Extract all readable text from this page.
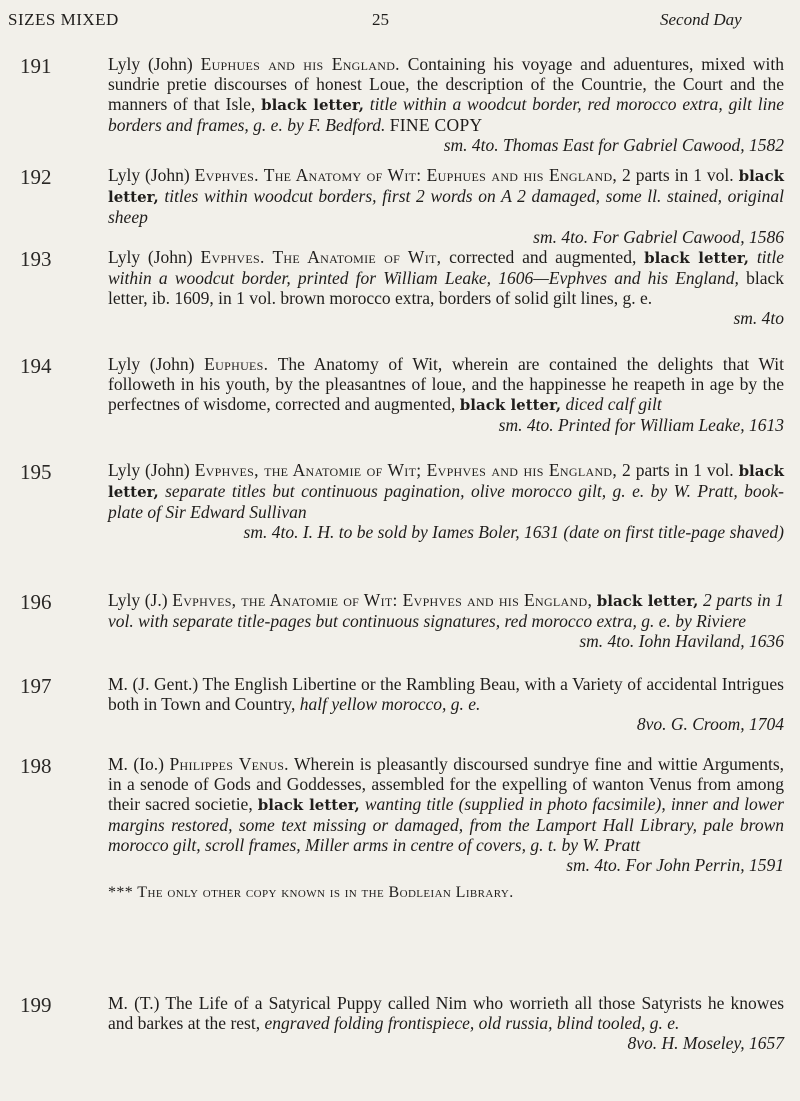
SIZES MIXED	25	Second Day
191	Lyly (John) Euphues and his England. Containing his voyage and aduentures, mixed with sundrie pretie discourses of honest Loue, the description of the Countrie, the Court and the manners of that Isle, black letter, title within a woodcut border, red morocco extra, gilt line borders and frames, g. e. by F. Bedford. FINE COPY

sm. 4to. Thomas East for Gabriel Cawood, 1582

192	Lyly (John) Evphves. The Anatomy of Wit: Euphues and his England, 2 parts in 1 vol. black letter, titles within woodcut borders, first 2 words on A 2 damaged, some ll. stained, original sheep

sm. 4to. For Gabriel Cawood, 1586

193	Lyly (John) Evphves. The Anatomie of Wit, corrected and augmented, black letter, title within a woodcut border, printed for William Leake, 1606—Evphves and his England, black letter, ib. 1609, in 1 vol. brown morocco extra, borders of solid gilt lines, g. e.

sm. 4to

194	Lyly (John) Euphues. The Anatomy of Wit, wherein are contained the delights that Wit followeth in his youth, by the pleasantnes of loue, and the happinesse he reapeth in age by the perfectnes of wisdome, corrected and augmented, black letter, diced calf gilt

sm. 4to. Printed for William Leake, 1613

195	Lyly (John) Evphves, the Anatomie of Wit; Evphves and his England, 2 parts in 1 vol. black letter, separate titles but continuous pagination, olive morocco gilt, g. e. by W. Pratt, book-plate of Sir Edward Sullivan

sm. 4to. I. H. to be sold by Iames Boler, 1631 (date on first title-page shaved)

196	Lyly (J.) Evphves, the Anatomie of Wit: Evphves and his England, black letter, 2 parts in 1 vol. with separate title-pages but continuous signatures, red morocco extra, g. e. by Riviere

sm. 4to. Iohn Haviland, 1636

197	M. (J. Gent.) The English Libertine or the Rambling Beau, with a Variety of accidental Intrigues both in Town and Country, half yellow morocco, g. e.

8vo. G. Croom, 1704

198	M. (Io.) Philippes Venus. Wherein is pleasantly discoursed sundrye fine and wittie Arguments, in a senode of Gods and Goddesses, assembled for the expelling of wanton Venus from among their sacred societie, black letter, wanting title (supplied in photo facsimile), inner and lower margins restored, some text missing or damaged, from the Lamport Hall Library, pale brown morocco gilt, scroll frames, Miller arms in centre of covers, g. t. by W. Pratt

sm. 4to. For John Perrin, 1591

*** The only other copy known is in the Bodleian Library.

199	M. (T.) The Life of a Satyrical Puppy called Nim who worrieth all those Satyrists he knowes and barkes at the rest, engraved folding frontispiece, old russia, blind tooled, g. e.

8vo. H. Moseley, 1657
